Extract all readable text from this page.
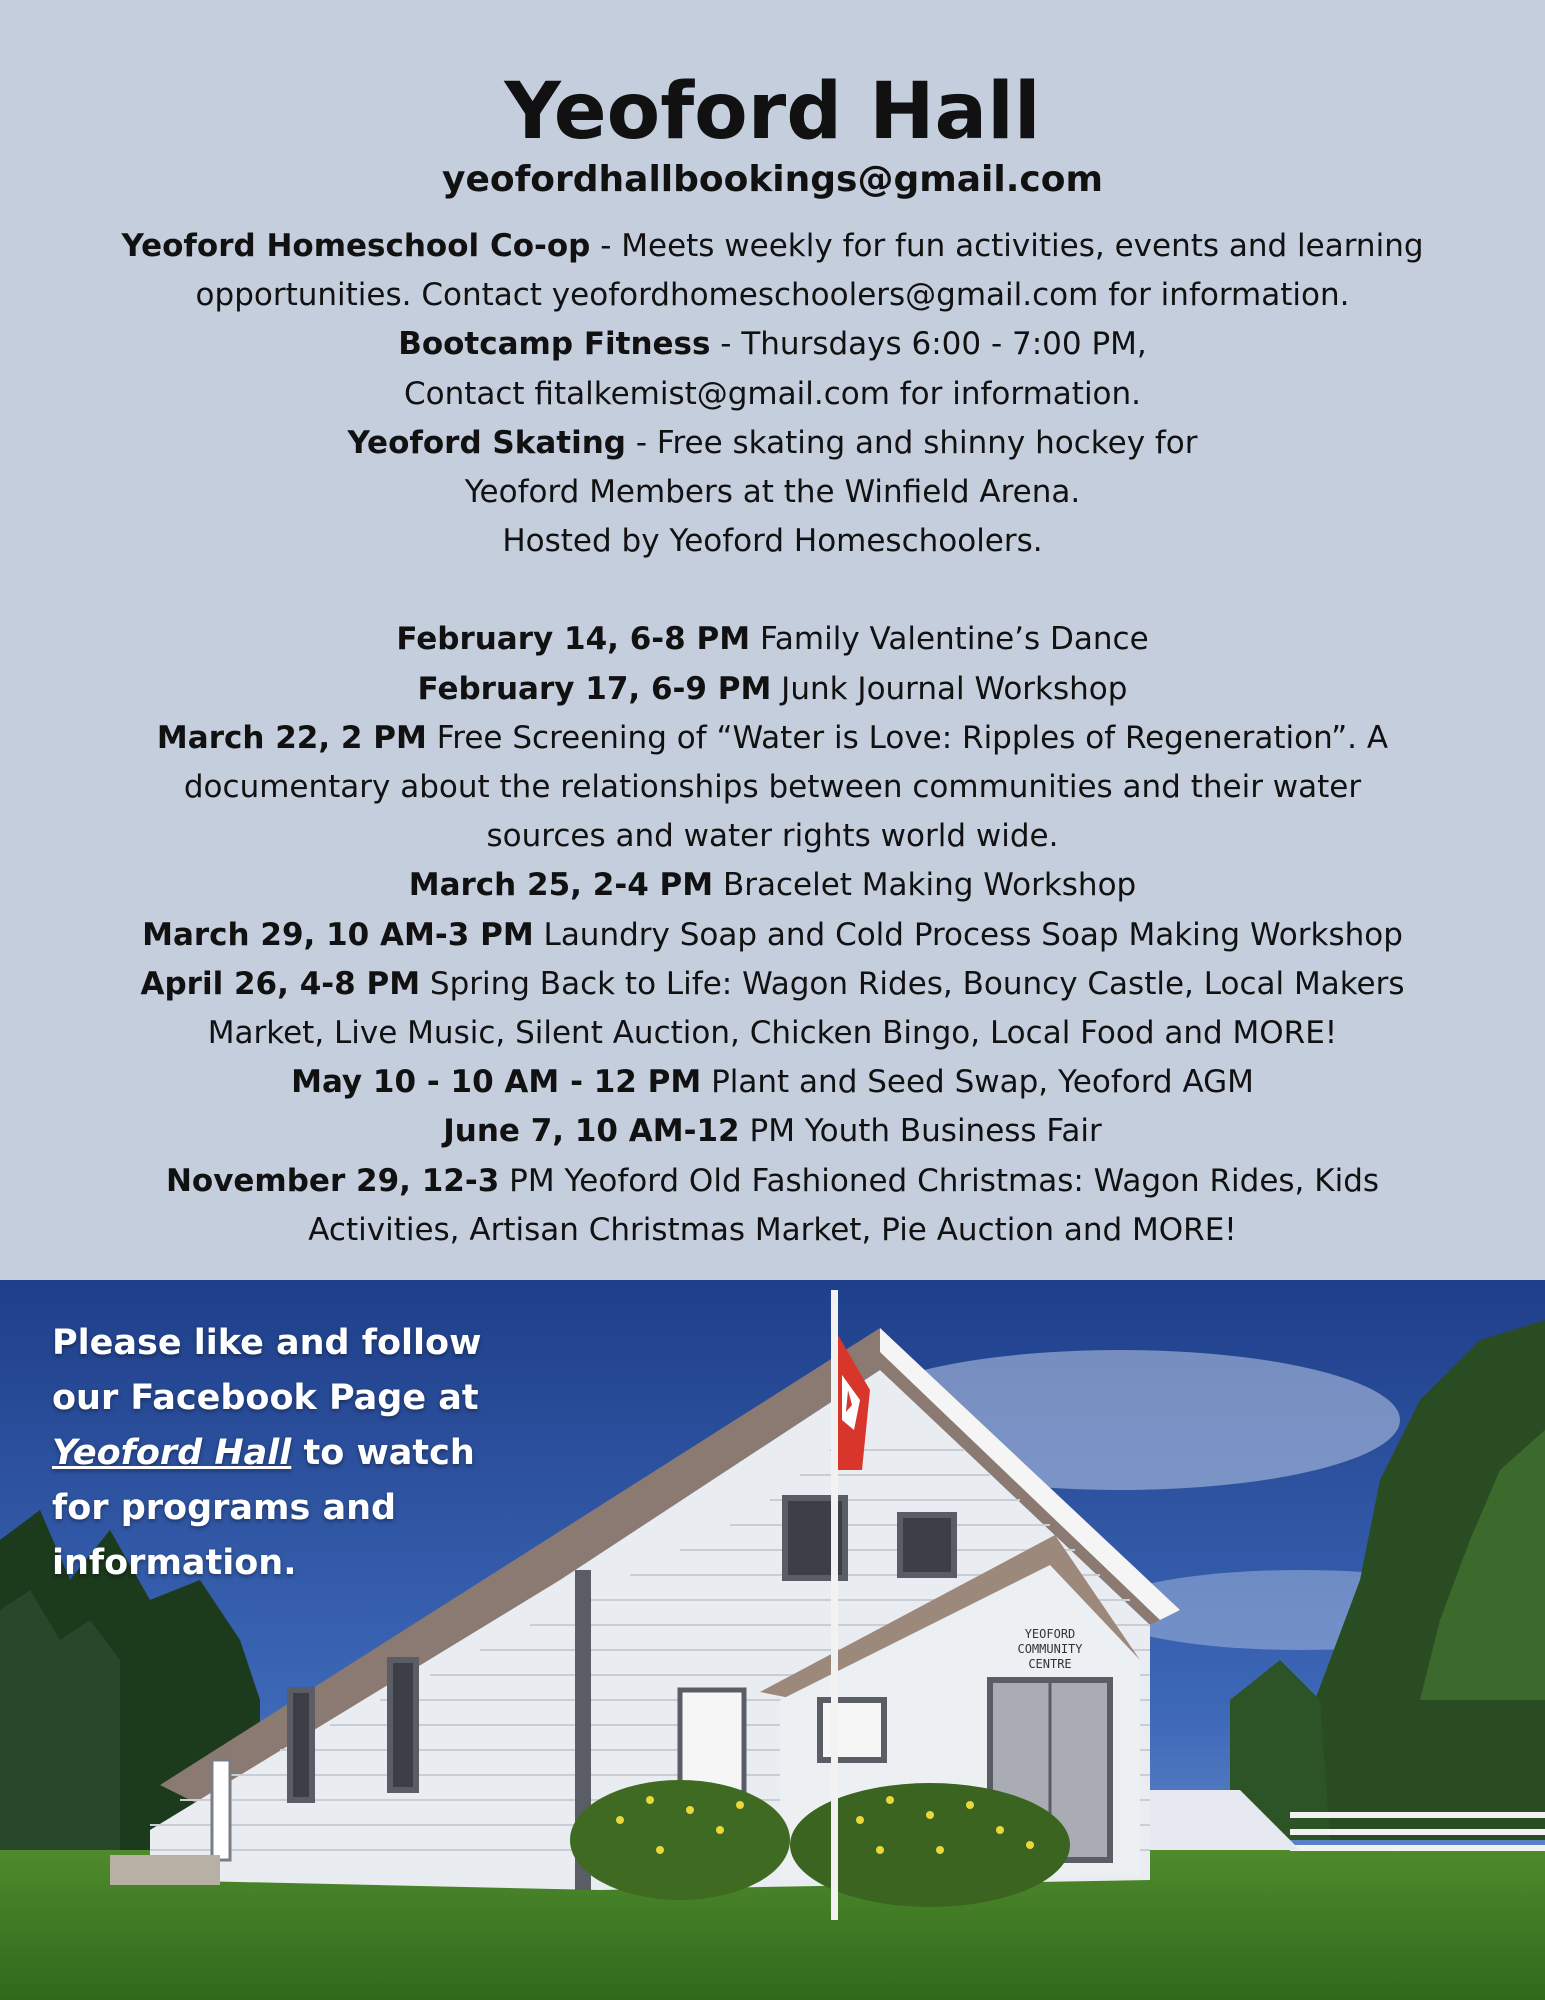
Yeoford Hall
yeofordhallbookings@gmail.com

Yeoford Homeschool Co-op - Meets weekly for fun activities, events and learning
opportunities. Contact yeofordhomeschoolers@gmail.com for information.

Bootcamp Fitness - Thursdays 6:00 - 7:00 PM,
Contact fitalkemist@gmail.com for information.

Yeoford Skating - Free skating and shinny hockey for
Yeoford Members at the Winfield Arena.
Hosted by Yeoford Homeschoolers.

February 14, 6-8 PM Family Valentine’s Dance

February 17, 6-9 PM Junk Journal Workshop

March 22, 2 PM Free Screening of “Water is Love: Ripples of Regeneration”. A
documentary about the relationships between communities and their water
sources and water rights world wide.

March 25, 2-4 PM Bracelet Making Workshop

March 29, 10 AM-3 PM Laundry Soap and Cold Process Soap Making Workshop

April 26, 4-8 PM Spring Back to Life: Wagon Rides, Bouncy Castle, Local Makers
Market, Live Music, Silent Auction, Chicken Bingo, Local Food and MORE!

May 10 - 10 AM - 12 PM Plant and Seed Swap, Yeoford AGM

June 7, 10 AM-12 PM Youth Business Fair

November 29, 12-3 PM Yeoford Old Fashioned Christmas: Wagon Rides, Kids
Activities, Artisan Christmas Market, Pie Auction and MORE!

YEOFORD
COMMUNITY
CENTRE
Please like and follow
our Facebook Page at
Yeoford Hall to watch
for programs and
information.
